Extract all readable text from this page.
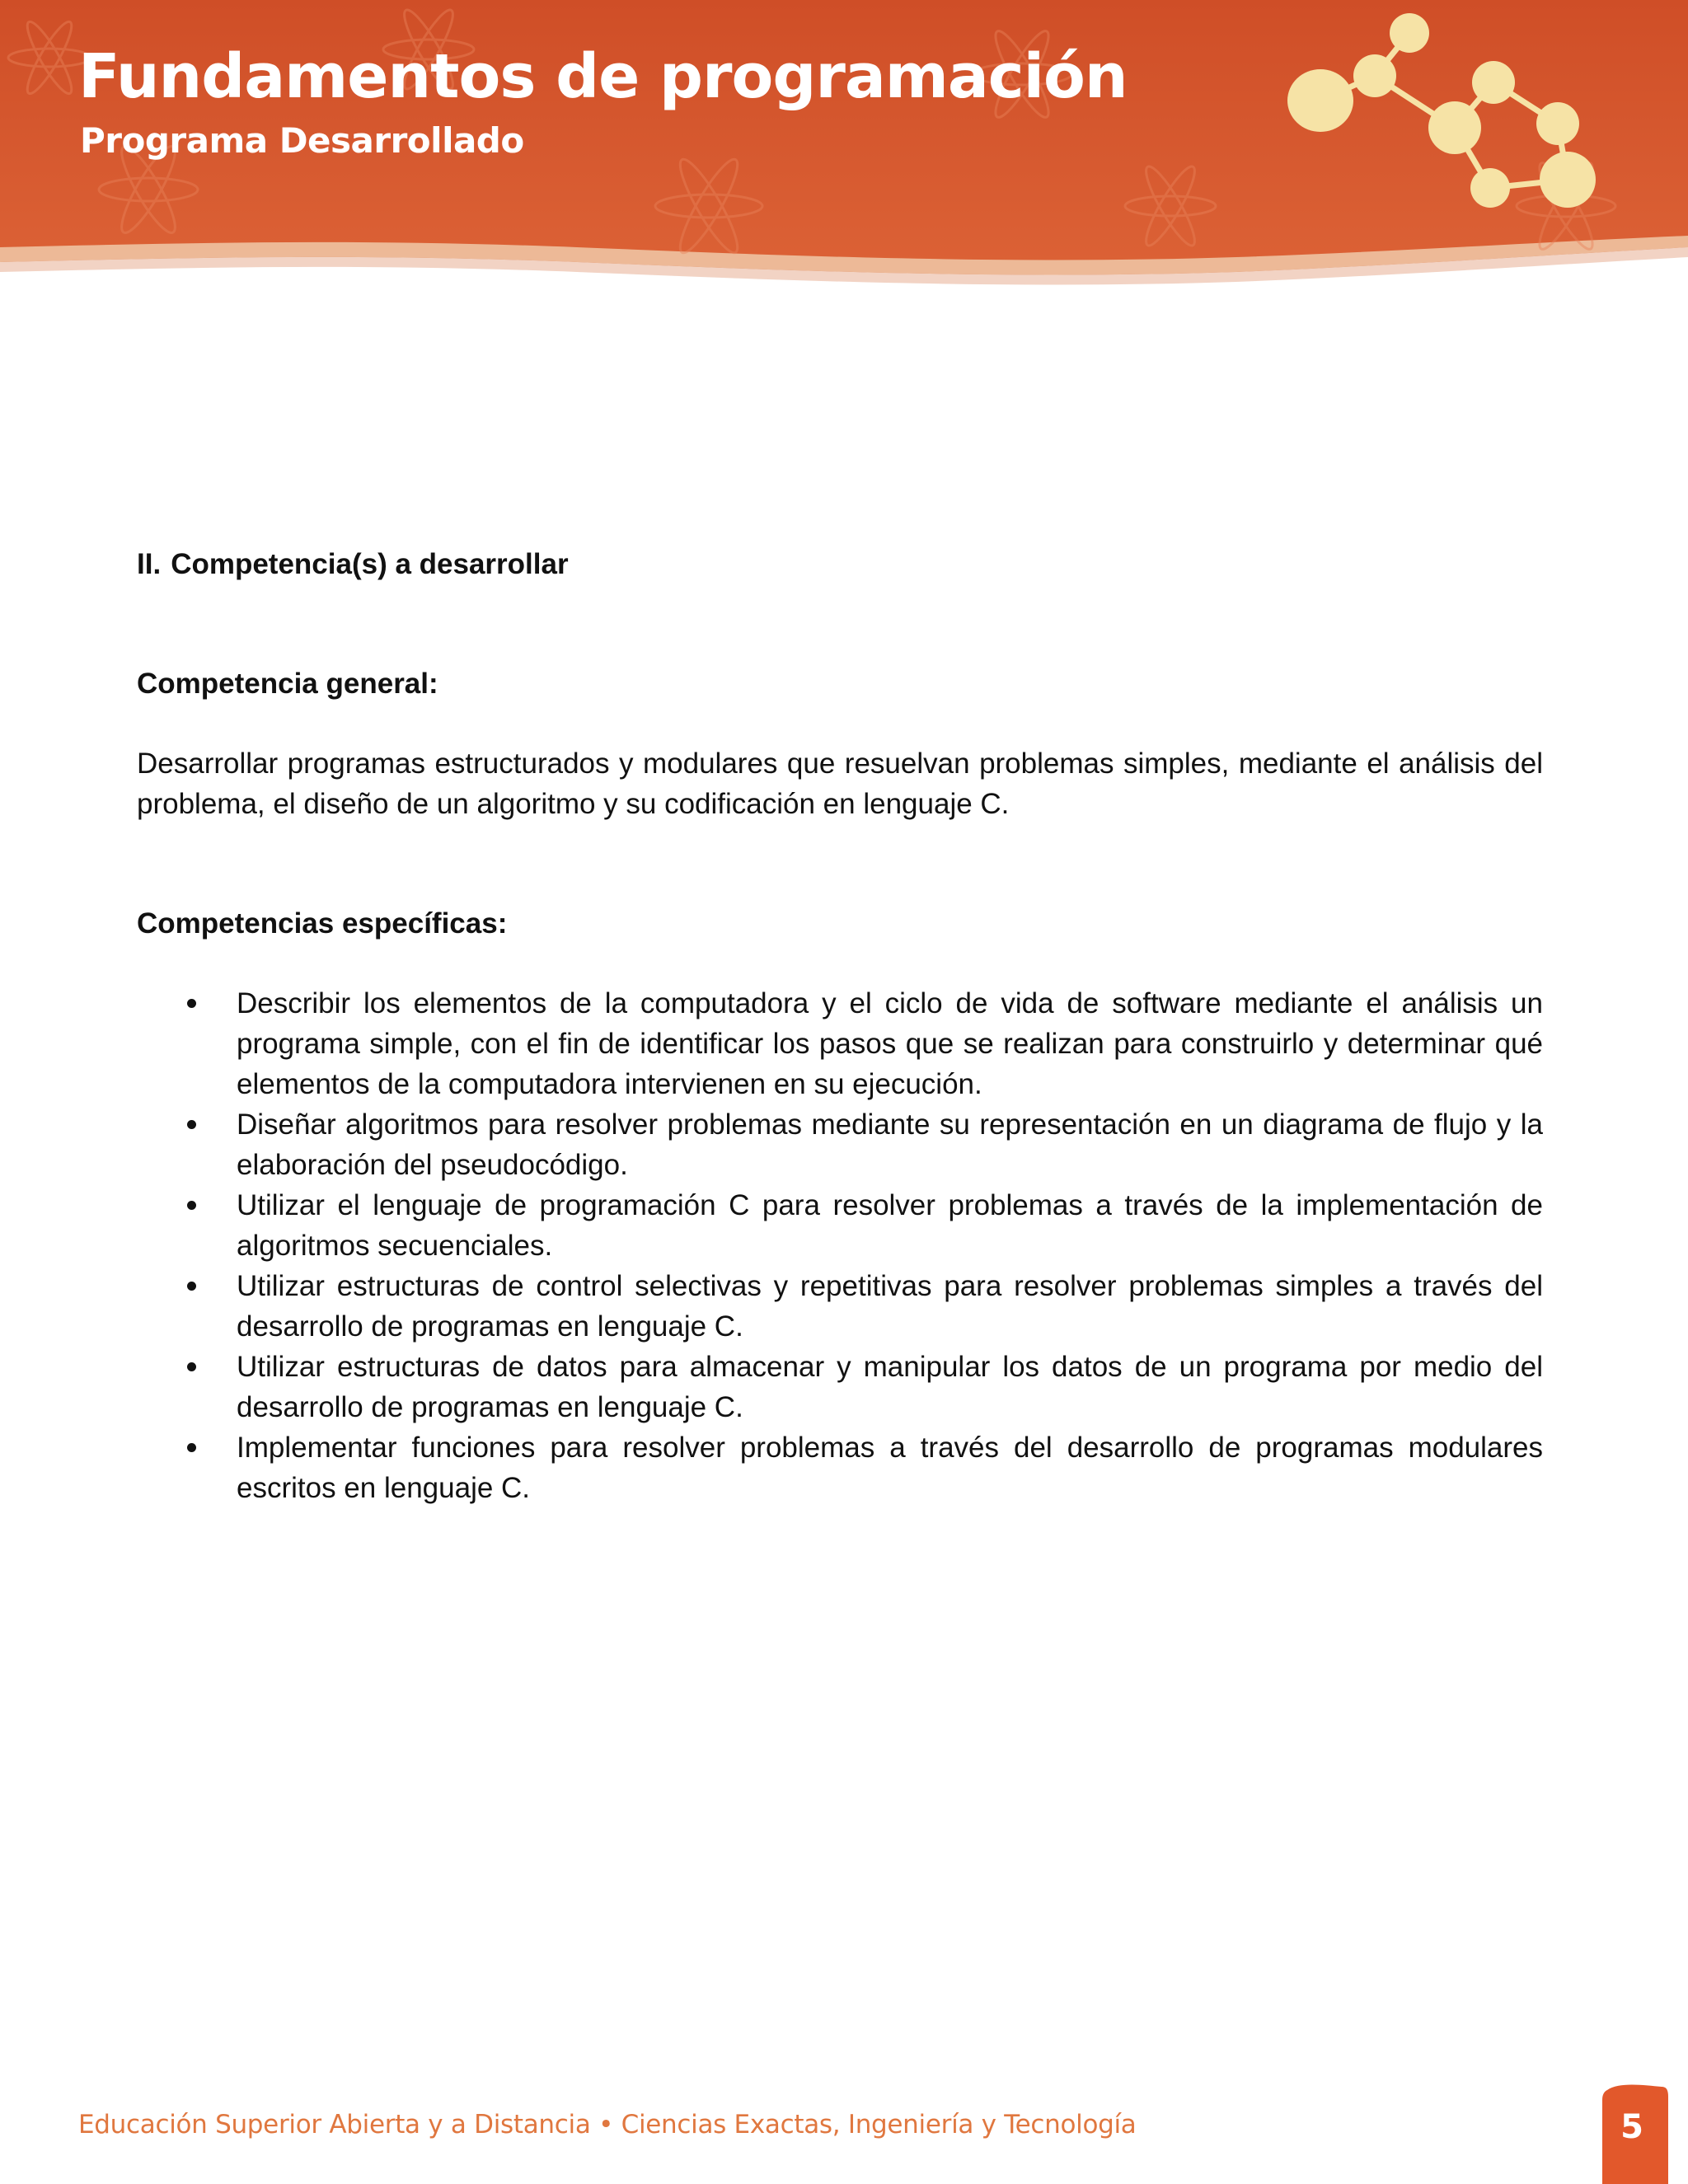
Fundamentos de programación
Programa Desarrollado
II. Competencia(s) a desarrollar

Competencia general:

Desarrollar programas estructurados y modulares que resuelvan problemas simples, mediante el análisis del problema, el diseño de un algoritmo y su codificación en lenguaje C.

Competencias específicas:

Describir los elementos de la computadora y el ciclo de vida de software mediante el análisis un programa simple, con el fin de identificar los pasos que se realizan para construirlo y determinar qué elementos de la computadora intervienen en su ejecución.
Diseñar algoritmos para resolver problemas mediante su representación en un diagrama de flujo y la elaboración del pseudocódigo.
Utilizar el lenguaje de programación C para resolver problemas a través de la implementación de algoritmos secuenciales.
Utilizar estructuras de control selectivas y repetitivas para resolver problemas simples a través del desarrollo de programas en lenguaje C.
Utilizar estructuras de datos para almacenar y manipular los datos de un programa por medio del desarrollo de programas en lenguaje C.
Implementar funciones para resolver problemas a través del desarrollo de programas modulares escritos en lenguaje C.
Educación Superior Abierta y a Distancia • Ciencias Exactas, Ingeniería y Tecnología	5
